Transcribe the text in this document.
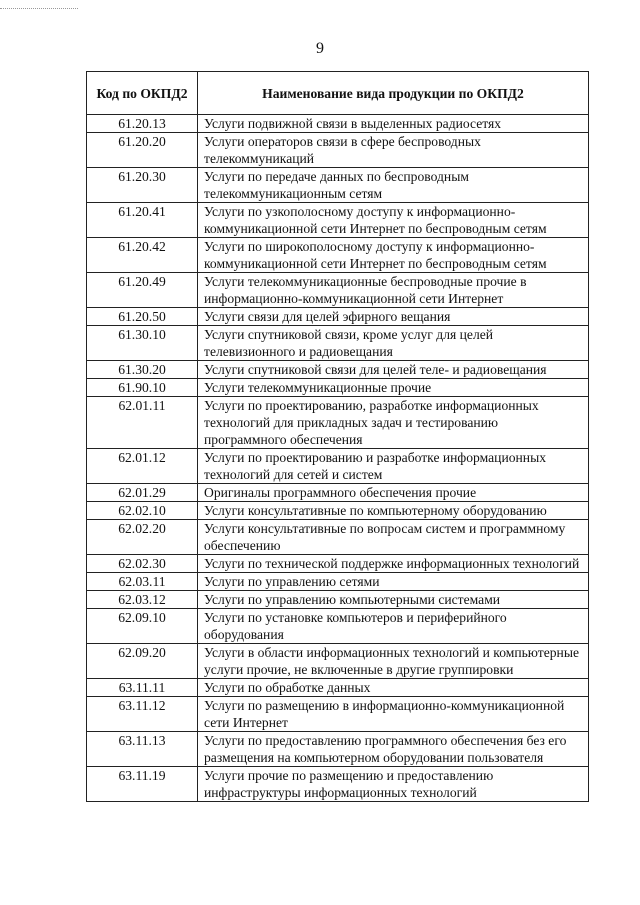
9
Код по ОКПД2	Наименование вида продукции по ОКПД2
61.20.13	Услуги подвижной связи в выделенных радиосетях
61.20.20	Услуги операторов связи в сфере беспроводных телекоммуникаций
61.20.30	Услуги по передаче данных по беспроводным телекоммуникационным сетям
61.20.41	Услуги по узкополосному доступу к информационно-коммуникационной сети Интернет по беспроводным сетям
61.20.42	Услуги по широкополосному доступу к информационно-коммуникационной сети Интернет по беспроводным сетям
61.20.49	Услуги телекоммуникационные беспроводные прочие в информационно-коммуникационной сети Интернет
61.20.50	Услуги связи для целей эфирного вещания
61.30.10	Услуги спутниковой связи, кроме услуг для целей телевизионного и радиовещания
61.30.20	Услуги спутниковой связи для целей теле- и радиовещания
61.90.10	Услуги телекоммуникационные прочие
62.01.11	Услуги по проектированию, разработке информационных технологий для прикладных задач и тестированию программного обеспечения
62.01.12	Услуги по проектированию и разработке информационных технологий для сетей и систем
62.01.29	Оригиналы программного обеспечения прочие
62.02.10	Услуги консультативные по компьютерному оборудованию
62.02.20	Услуги консультативные по вопросам систем и программному обеспечению
62.02.30	Услуги по технической поддержке информационных технологий
62.03.11	Услуги по управлению сетями
62.03.12	Услуги по управлению компьютерными системами
62.09.10	Услуги по установке компьютеров и периферийного оборудования
62.09.20	Услуги в области информационных технологий и компьютерные услуги прочие, не включенные в другие группировки
63.11.11	Услуги по обработке данных
63.11.12	Услуги по размещению в информационно-коммуникационной сети Интернет
63.11.13	Услуги по предоставлению программного обеспечения без его размещения на компьютерном оборудовании пользователя
63.11.19	Услуги прочие по размещению и предоставлению инфраструктуры информационных технологий
